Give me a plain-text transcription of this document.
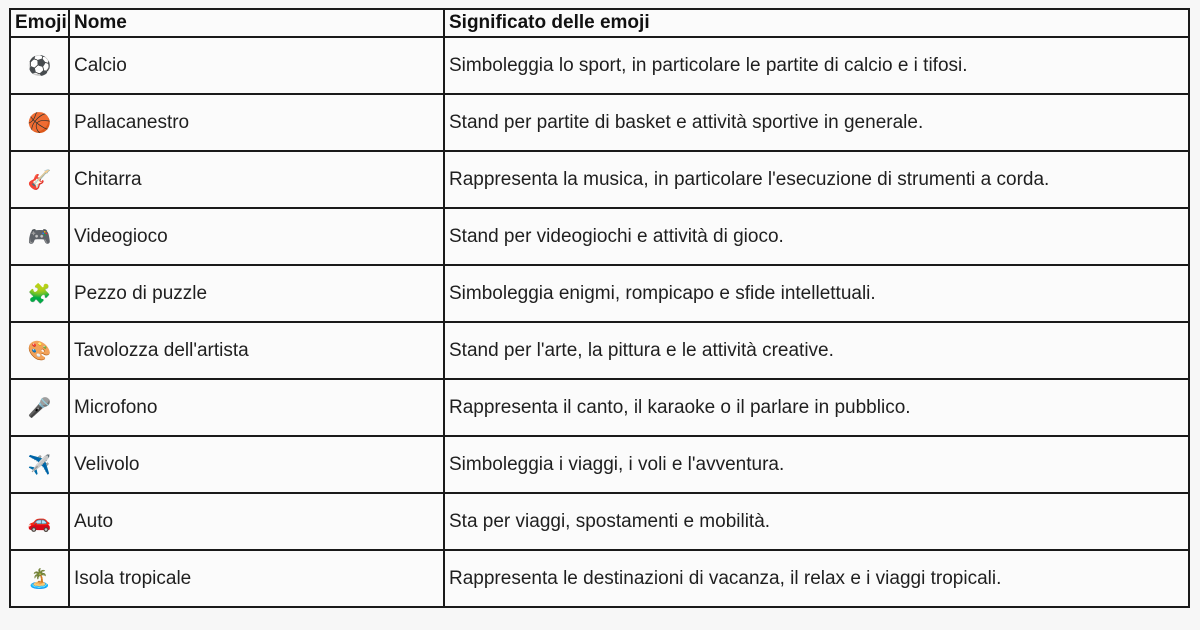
Emoji	Nome	Significato delle emoji
⚽	Calcio	Simboleggia lo sport, in particolare le partite di calcio e i tifosi.
🏀	Pallacanestro	Stand per partite di basket e attività sportive in generale.
🎸	Chitarra	Rappresenta la musica, in particolare l'esecuzione di strumenti a corda.
🎮	Videogioco	Stand per videogiochi e attività di gioco.
🧩	Pezzo di puzzle	Simboleggia enigmi, rompicapo e sfide intellettuali.
🎨	Tavolozza dell'artista	Stand per l'arte, la pittura e le attività creative.
🎤	Microfono	Rappresenta il canto, il karaoke o il parlare in pubblico.
✈️	Velivolo	Simboleggia i viaggi, i voli e l'avventura.
🚗	Auto	Sta per viaggi, spostamenti e mobilità.
🏝️	Isola tropicale	Rappresenta le destinazioni di vacanza, il relax e i viaggi tropicali.
